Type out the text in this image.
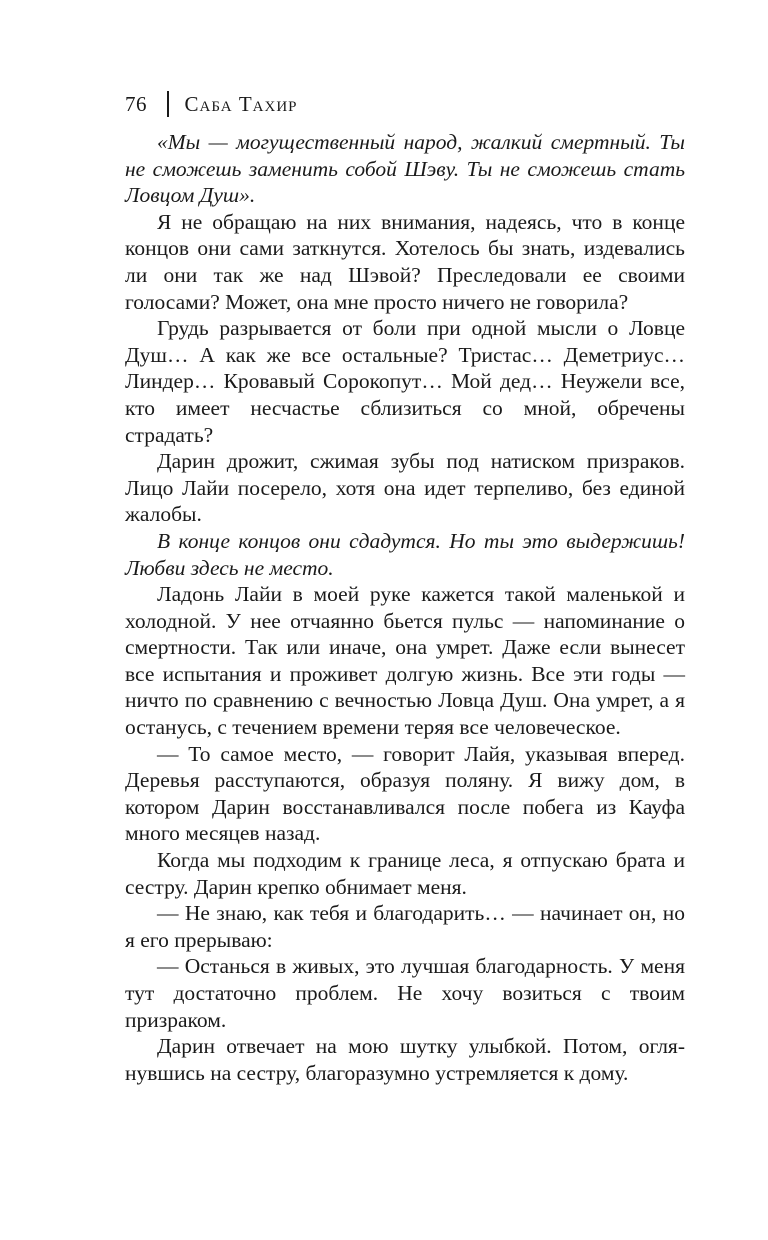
76	Саба Тахир

«Мы — могущественный народ, жалкий смертный. Ты не сможешь заменить собой Шэву. Ты не сможешь стать Ловцом Душ».

Я не обращаю на них внимания, надеясь, что в конце концов они сами заткнутся. Хотелось бы знать, издевались ли они так же над Шэвой? Преследовали ее своими голосами? Может, она мне просто ничего не говорила?

Грудь разрывается от боли при одной мысли о Ловце Душ… А как же все остальные? Тристас… Деметриус… Линдер… Кровавый Сорокопут… Мой дед… Неужели все, кто имеет несчастье сблизиться со мной, обречены страдать?

Дарин дрожит, сжимая зубы под натиском призраков. Лицо Лайи посерело, хотя она идет терпеливо, без единой жалобы.

В конце концов они сдадутся. Но ты это выдержишь! Любви здесь не место.

Ладонь Лайи в моей руке кажется такой маленькой и холодной. У нее отчаянно бьется пульс — напоминание о смертности. Так или иначе, она умрет. Даже если вынесет все испытания и проживет долгую жизнь. Все эти годы — ничто по сравнению с вечностью Ловца Душ. Она умрет, а я останусь, с течением времени теряя все человеческое.

— То самое место, — говорит Лайя, указывая вперед. Деревья расступаются, образуя поляну. Я вижу дом, в котором Дарин восстанавливался после побега из Кауфа много месяцев назад.

Когда мы подходим к границе леса, я отпускаю брата и сестру. Дарин крепко обнимает меня.

— Не знаю, как тебя и благодарить… — начинает он, но я его прерываю:

— Останься в живых, это лучшая благодарность. У меня тут достаточно проблем. Не хочу возиться с твоим призраком.

Дарин отвечает на мою шутку улыбкой. Потом, оглянувшись на сестру, благоразумно устремляется к дому.
